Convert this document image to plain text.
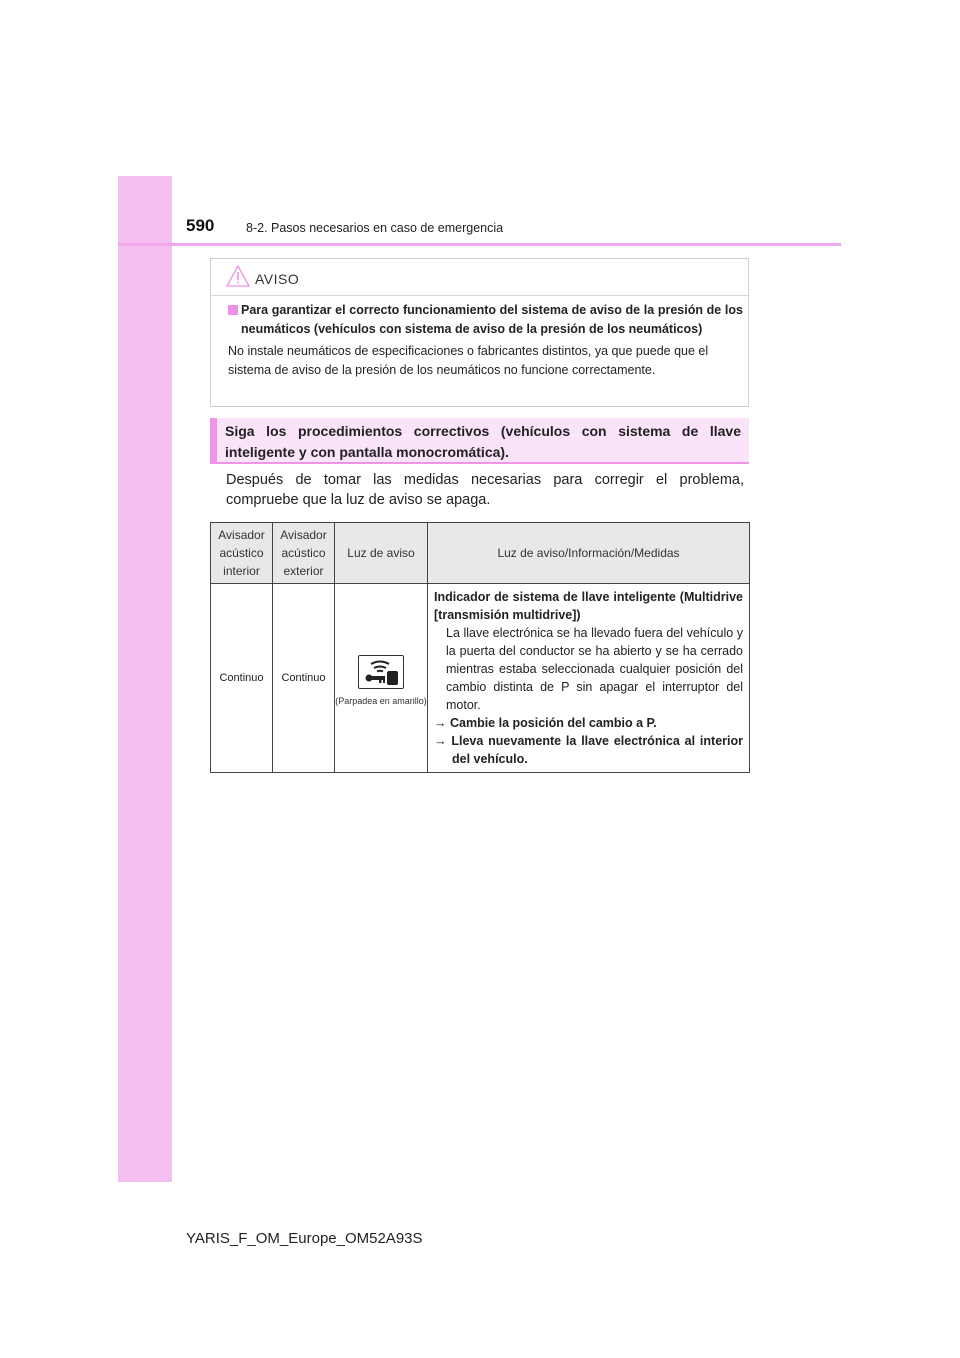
590	8-2. Pasos necesarios en caso de emergencia
AVISO
Para garantizar el correcto funcionamiento del sistema de aviso de la presión de los neumáticos (vehículos con sistema de aviso de la presión de los neumáticos)
No instale neumáticos de especificaciones o fabricantes distintos, ya que puede que el sistema de aviso de la presión de los neumáticos no funcione correctamente.
Siga los procedimientos correctivos (vehículos con sistema de llave inteligente y con pantalla monocromática).
Después de tomar las medidas necesarias para corregir el problema, compruebe que la luz de aviso se apaga.
Avisador acústico interior	Avisador acústico exterior	Luz de aviso	Luz de aviso/Información/Medidas
Continuo	Continuo	(Parpadea en amarillo)	Indicador de sistema de llave inteligente (Multidrive [transmisión multidrive])
La llave electrónica se ha llevado fuera del vehículo y la puerta del conductor se ha abierto y se ha cerrado mientras estaba seleccionada cualquier posición del cambio distinta de P sin apagar el interruptor del motor.
→ Cambie la posición del cambio a P.
→ Lleva nuevamente la llave electrónica al interior del vehículo.
YARIS_F_OM_Europe_OM52A93S
